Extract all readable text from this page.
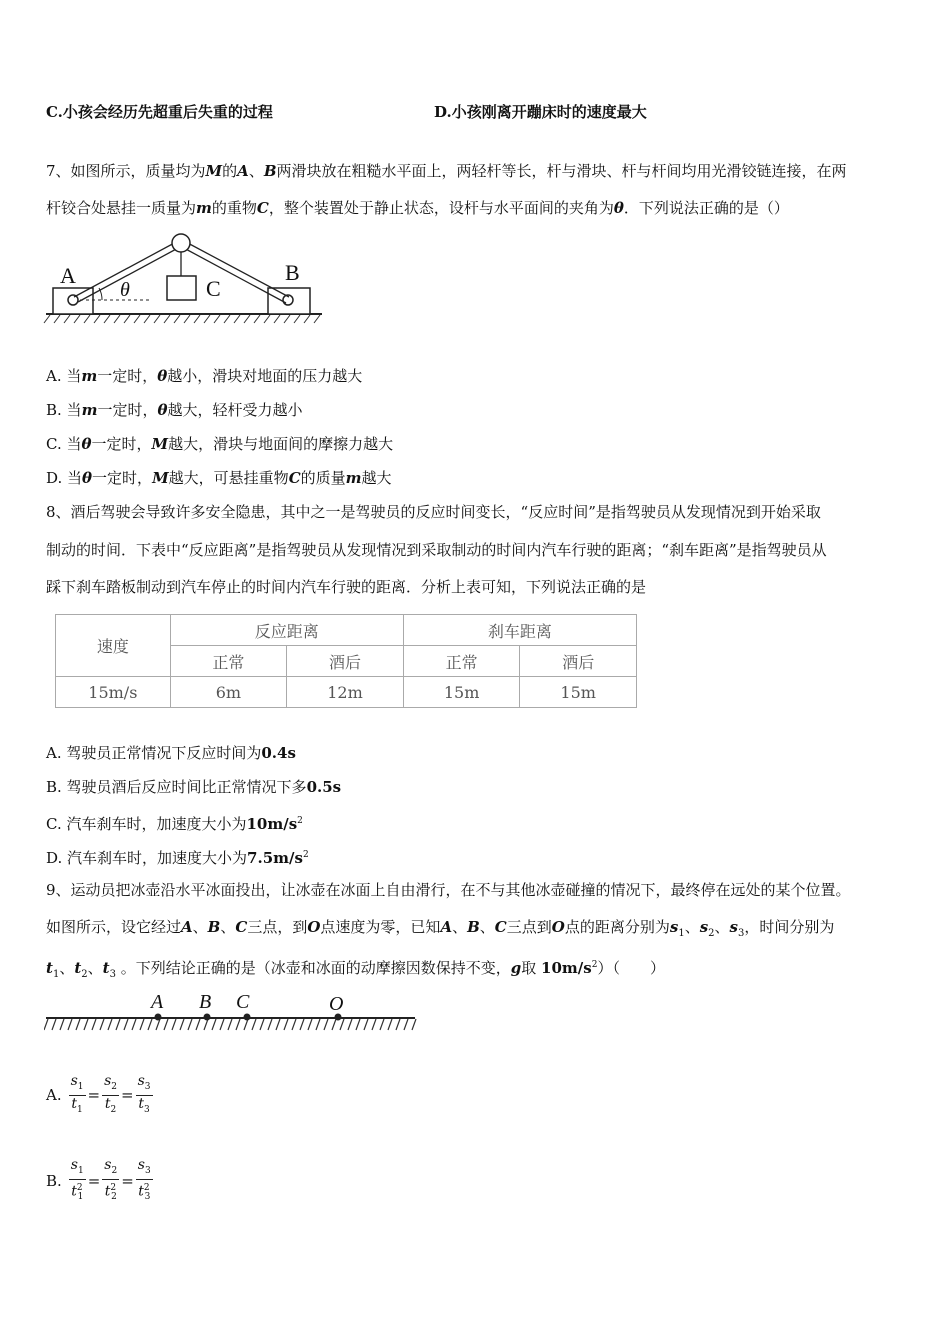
C.小孩会经历先超重后失重的过程	D.小孩刚离开蹦床时的速度最大
7、如图所示，质量均为M的A、B两滑块放在粗糙水平面上，两轻杆等长，杆与滑块、杆与杆间均用光滑铰链连接，在两
杆铰合处悬挂一质量为m的重物C，整个装置处于静止状态，设杆与水平面间的夹角为θ．下列说法正确的是（）
A	B
C
θ
A. 当m一定时，θ越小，滑块对地面的压力越大
B. 当m一定时，θ越大，轻杆受力越小
C. 当θ一定时，M越大，滑块与地面间的摩擦力越大
D. 当θ一定时，M越大，可悬挂重物C的质量m越大
8、酒后驾驶会导致许多安全隐患，其中之一是驾驶员的反应时间变长，“反应时间”是指驾驶员从发现情况到开始采取
制动的时间．下表中“反应距离”是指驾驶员从发现情况到采取制动的时间内汽车行驶的距离；“刹车距离”是指驾驶员从
踩下刹车踏板制动到汽车停止的时间内汽车行驶的距离．分析上表可知，下列说法正确的是
速度	反应距离		刹车距离	
	正常	酒后	正常	酒后
15m/s	6m	12m	15m	15m
A. 驾驶员正常情况下反应时间为0.4s
B. 驾驶员酒后反应时间比正常情况下多0.5s
C. 汽车刹车时，加速度大小为$10m/s^2$
D. 汽车刹车时，加速度大小为$7.5m/s^2$
9、运动员把冰壶沿水平冰面投出，让冰壶在冰面上自由滑行，在不与其他冰壶碰撞的情况下，最终停在远处的某个位置。
如图所示，设它经过A、B、C三点，到O点速度为零，已知A、B、C三点到O点的距离分别为$s_1$、$s_2$、$s_3$，时间分别为
$t_1$、$t_2$、$t_3$ 。下列结论正确的是（冰壶和冰面的动摩擦因数保持不变，g取 $10m/s^2$）（　　）
A B C	O
A. $\frac{s_1}{t_1} = \frac{s_2}{t_2} = \frac{s_3}{t_3}$
B. $\frac{s_1}{t^2_1} = \frac{s_2}{t^2_2} = \frac{s_3}{t^2_3}$
